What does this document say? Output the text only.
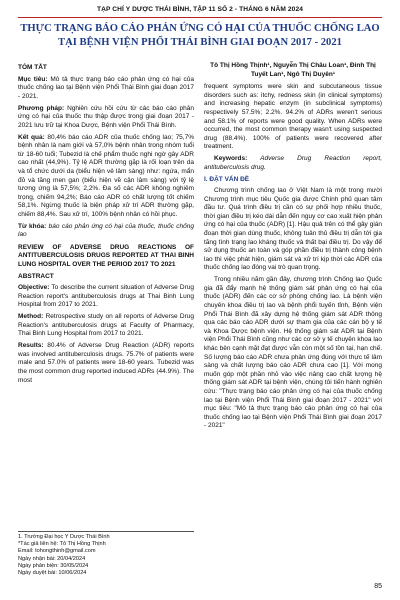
TẠP CHÍ Y DƯỢC THÁI BÌNH, TẬP 11 SỐ 2 - THÁNG 6 NĂM 2024
THỰC TRẠNG BÁO CÁO PHẢN ỨNG CÓ HẠI CỦA THUỐC CHỐNG LAO TẠI BỆNH VIỆN PHỔI THÁI BÌNH GIAI ĐOẠN 2017 - 2021
TÓM TẮT

Mục tiêu: Mô tả thực trạng báo cáo phản ứng có hại của thuốc chống lao tại Bệnh viện Phổi Thái Bình giai đoạn 2017 - 2021.

Phương pháp: Nghiên cứu hồi cứu từ các báo cáo phản ứng có hại của thuốc thu thập được trong giai đoạn 2017 - 2021 lưu trữ tại Khoa Dược, Bệnh viện Phổi Thái Bình.

Kết quả: 80,4% báo cáo ADR của thuốc chống lao; 75,7% bệnh nhân là nam giới và 57,0% bệnh nhân trong nhóm tuổi từ 18-60 tuổi; Tubezid là chế phẩm thuốc nghi ngờ gây ADR cao nhất (44,9%). Tỷ lệ ADR thường gặp là rối loạn trên da và tổ chức dưới da (biểu hiện vẻ lâm sàng) như: ngứa, mẩn đỏ và tăng men gan (biểu hiện về cận lâm sàng) với tỷ lệ tương ứng là 57,5%; 2,2%. Đa số các ADR không nghiêm trọng, chiếm 94,2%; Báo cáo ADR có chất lượng tốt chiếm 58,1%. Ngừng thuốc là biện pháp xử trí ADR thường gặp, chiếm 88,4%. Sau xử trí, 100% bệnh nhân có hồi phục.

Từ khóa: báo cáo phản ứng có hại của thuốc, thuốc chống lao

REVIEW OF ADVERSE DRUG REACTIONS OF ANTITUBERCULOSIS DRUGS REPORTED AT THAI BINH LUNG HOSPITAL OVER THE PERIOD 2017 TO 2021
ABSTRACT

Objective: To describe the current situation of Adverse Drug Reaction report's antituberculosis drugs at Thai Binh Lung Hospital from 2017 to 2021.

Method: Retrospective study on all reports of Adverse Drug Reaction's antituberculosis drugs at Faculty of Pharmacy, Thai Binh Lung Hospital from 2017 to 2021.

Results: 80.4% of Adverse Drug Reaction (ADR) reports was involved antituberculosis drugs. 75.7% of patients were male and 57.0% of patients were 18-60 years. Tubezid was the most common drug reported induced ADRs (44.9%). The most

1. Trường Đại học Y Dược Thái Bình
*Tác giả liên hệ: Tô Thị Hồng Thịnh
Email: tohongthinh@gmail.com
Ngày nhận bài: 20/04/2024
Ngày phản biện: 30/05/2024
Ngày duyệt bài: 10/06/2024
Tô Thị Hồng Thịnh¹, Nguyễn Thị Châu Loan¹, Đinh Thị Tuyết Lan¹, Ngô Thị Duyên¹

frequent symptoms were skin and subcutaneous tissue disorders such as: itchy, redness skin (in clinical symptoms) and increasing hepatic enzym (in subclinical symptoms) respectively 57.5%; 2.2%. 94.2% of ADRs weren't serious and 58.1% of reports were good quality. When ADRs were occurred, the most common therapy wasn't using suspected drug (88.4%). 100% of patients were recovered after treatment.

Keywords: Adverse Drug Reaction report, antituberculosis drug.

I. ĐẶT VẤN ĐỀ

Chương trình chống lao ở Việt Nam là một trong mười Chương trình mục tiêu Quốc gia được Chính phủ quan tâm đầu tư. Quá trình điều trị cần có sự phối hợp nhiều thuốc, thời gian điều trị kéo dài dẫn đến nguy cơ cao xuất hiện phản ứng có hại của thuốc (ADR) [1]. Hậu quả trên có thể gây gián đoạn thời gian dùng thuốc, không tuân thủ điều trị dẫn tới gia tăng tình trạng lao kháng thuốc và thất bại điều trị. Do vậy để sử dụng thuốc an toàn và góp phần điều trị thành công bệnh lao thì việc phát hiện, giám sát và xử trí kịp thời các ADR của thuốc chống lao đóng vai trò quan trọng.

Trong nhiều năm gần đây, chương trình Chống lao Quốc gia đã đẩy mạnh hệ thống giám sát phản ứng có hại của thuốc (ADR) đến các cơ sở phòng chống lao. Là bệnh viện chuyên khoa điều trị lao và bệnh phổi tuyến tỉnh, Bệnh viện Phổi Thái Bình đã xây dựng hệ thống giám sát ADR thông qua các báo cáo ADR dưới sự tham gia của các cán bộ y tế và Khoa Dược bệnh viện. Hệ thống giám sát ADR tại Bệnh viện Phổi Thái Bình cũng như các cơ sở y tế chuyên khoa lao khác bên cạnh mặt đạt được vẫn còn một số tồn tại, hạn chế. Số lượng báo cáo ADR chưa phản ứng đúng với thực tế lâm sàng và chất lượng báo cáo ADR chưa cao [1]. Với mong muốn góp một phần nhỏ vào việc nâng cao chất lượng hệ thống giám sát ADR tại bệnh viện, chúng tôi tiến hành nghiên cứu: "Thực trạng báo cáo phản ứng có hại của thuốc chống lao tại Bệnh viện Phổi Thái Bình giai đoạn 2017 - 2021" với mục tiêu: "Mô tả thực trạng báo cáo phản ứng có hại của thuốc chống lao tại Bệnh viện Phổi Thái Bình giai đoạn 2017 - 2021"

85
